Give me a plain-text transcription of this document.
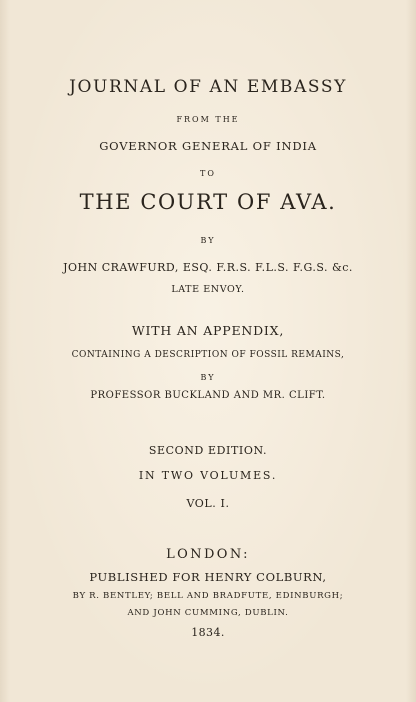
JOURNAL OF AN EMBASSY
FROM THE
GOVERNOR GENERAL OF INDIA
TO
THE COURT OF AVA.
BY
JOHN CRAWFURD, ESQ. F.R.S. F.L.S. F.G.S. &c.
LATE ENVOY.
WITH AN APPENDIX,
CONTAINING A DESCRIPTION OF FOSSIL REMAINS,
BY
PROFESSOR BUCKLAND AND MR. CLIFT.
SECOND EDITION.
IN TWO VOLUMES.
VOL. I.
LONDON:
PUBLISHED FOR HENRY COLBURN,
BY R. BENTLEY; BELL AND BRADFUTE, EDINBURGH;
AND JOHN CUMMING, DUBLIN.
1834.
